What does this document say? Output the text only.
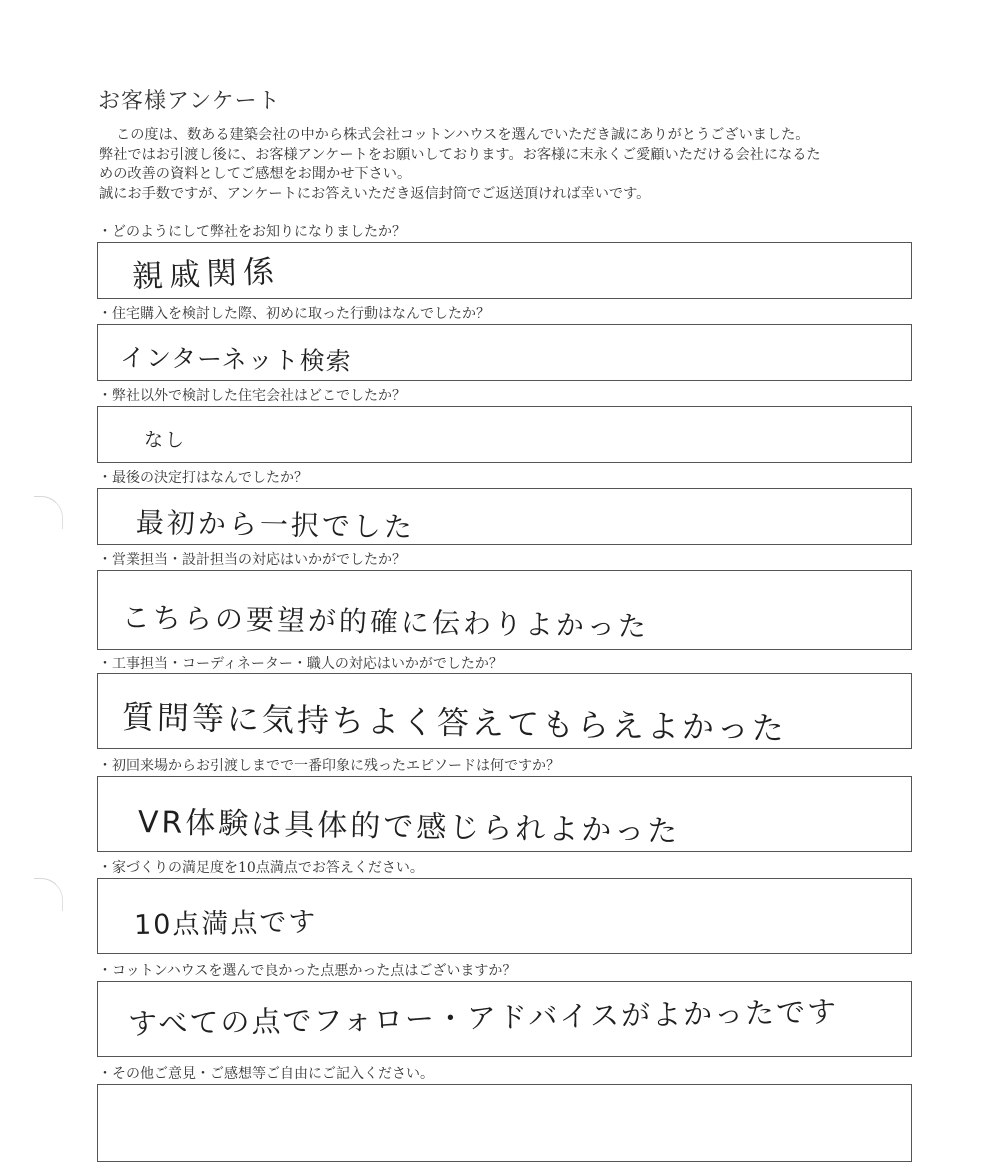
お客様アンケート
この度は、数ある建築会社の中から株式会社コットンハウスを選んでいただき誠にありがとうございました。
弊社ではお引渡し後に、お客様アンケートをお願いしております。お客様に末永くご愛顧いただける会社になるた
めの改善の資料としてご感想をお聞かせ下さい。
誠にお手数ですが、アンケートにお答えいただき返信封筒でご返送頂ければ幸いです。
・どのようにして弊社をお知りになりましたか？
親戚関係
・住宅購入を検討した際、初めに取った行動はなんでしたか？
インターネット検索
・弊社以外で検討した住宅会社はどこでしたか？
なし
・最後の決定打はなんでしたか？
最初から一択でした
・営業担当・設計担当の対応はいかがでしたか？
こちらの要望が的確に伝わりよかった
・工事担当・コーディネーター・職人の対応はいかがでしたか？
質問等に気持ちよく答えてもらえよかった
・初回来場からお引渡しまでで一番印象に残ったエピソードは何ですか？
VR体験は具体的で感じられよかった
・家づくりの満足度を10点満点でお答えください。
10点満点です
・コットンハウスを選んで良かった点悪かった点はございますか？
すべての点でフォロー・アドバイスがよかったです
・その他ご意見・ご感想等ご自由にご記入ください。
